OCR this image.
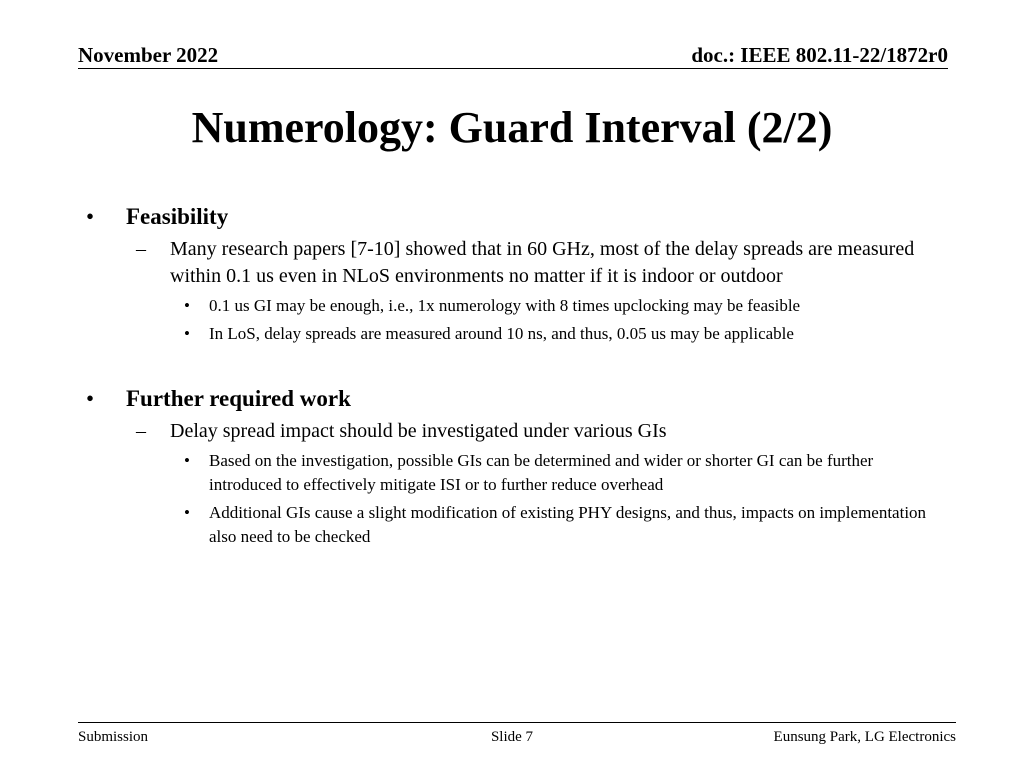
November 2022	doc.: IEEE 802.11-22/1872r0
Numerology: Guard Interval (2/2)
• Feasibility
– Many research papers [7-10] showed that in 60 GHz, most of the delay spreads are measured within 0.1 us even in NLoS environments no matter if it is indoor or outdoor
• 0.1 us GI may be enough, i.e., 1x numerology with 8 times upclocking may be feasible
• In LoS, delay spreads are measured around 10 ns, and thus, 0.05 us may be applicable
• Further required work
– Delay spread impact should be investigated under various GIs
• Based on the investigation, possible GIs can be determined and wider or shorter GI can be further introduced to effectively mitigate ISI or to further reduce overhead
• Additional GIs cause a slight modification of existing PHY designs, and thus, impacts on implementation also need to be checked
Submission	Slide 7	Eunsung Park, LG Electronics
